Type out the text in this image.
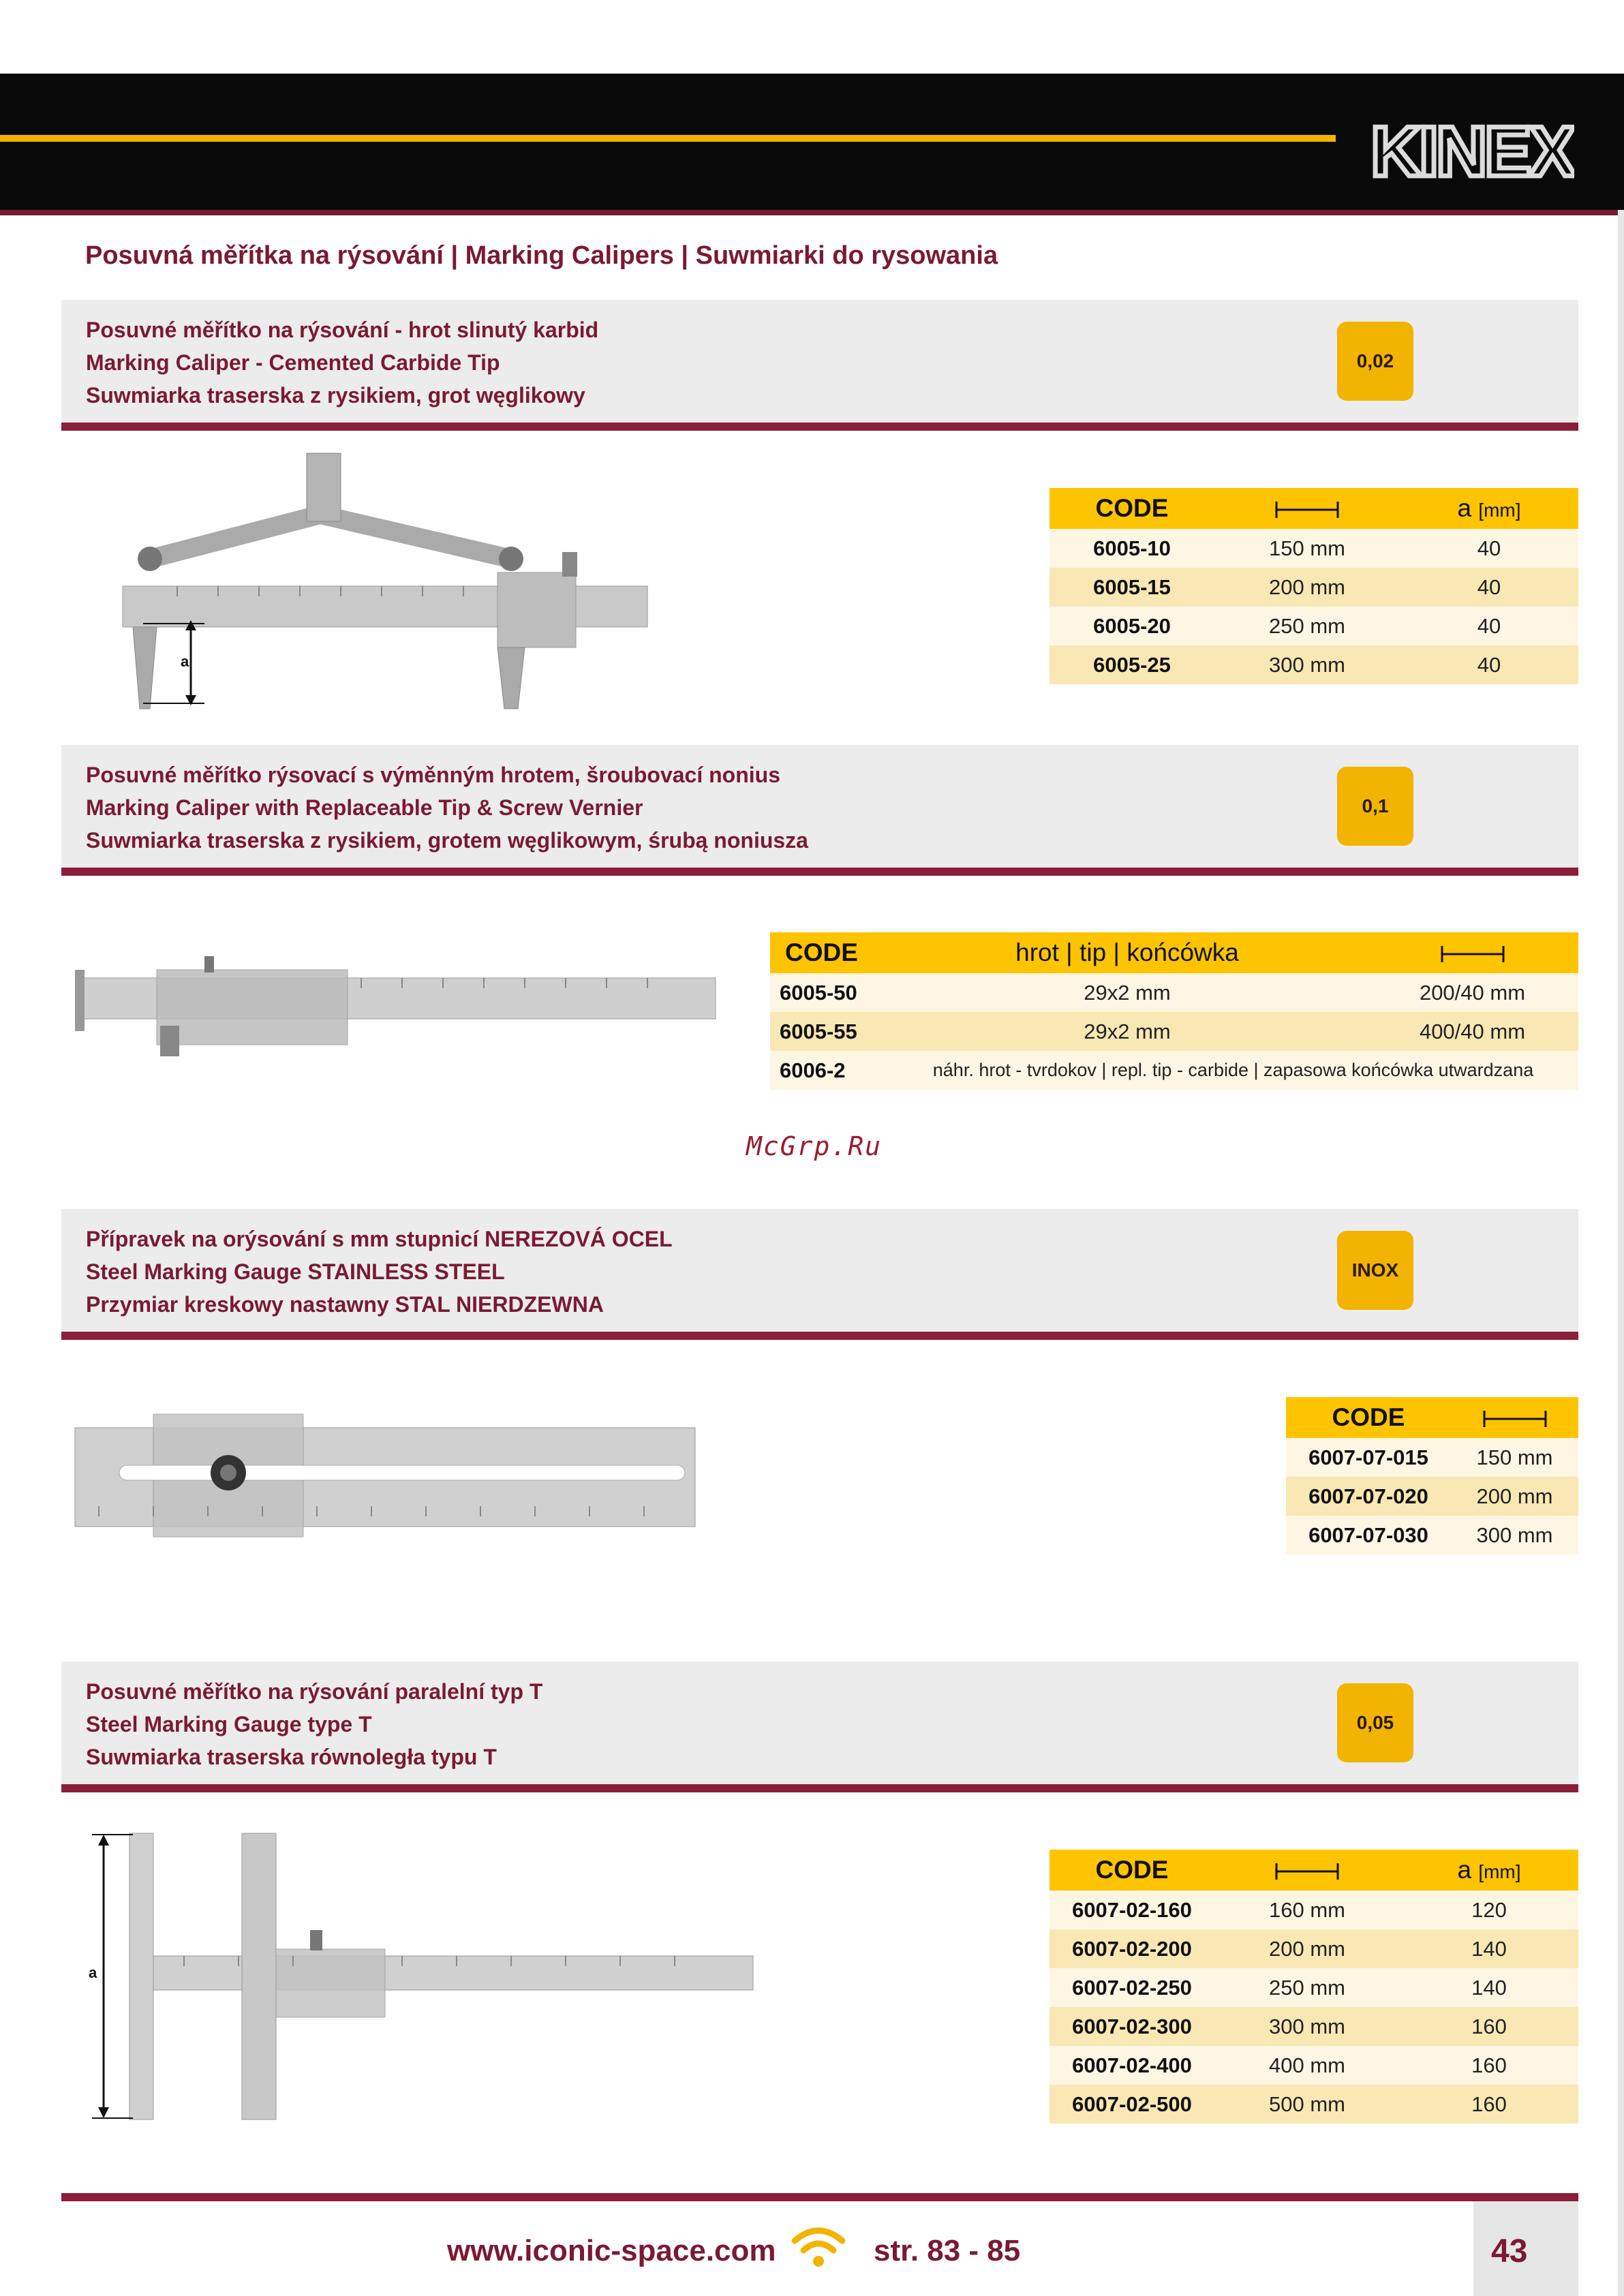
KINEX
Posuvná měřítka na rýsování | Marking Calipers | Suwmiarki do rysowania
Posuvné měřítko na rýsování - hrot slinutý karbid
Marking Caliper - Cemented Carbide Tip
Suwmiarka traserska z rysikiem, grot węglikowy
0,02
a
CODE		a [mm]
6005-10	150 mm	40
6005-15	200 mm	40
6005-20	250 mm	40
6005-25	300 mm	40
Posuvné měřítko rýsovací s výměnným hrotem, šroubovací nonius
Marking Caliper with Replaceable Tip & Screw Vernier
Suwmiarka traserska z rysikiem, grotem węglikowym, śrubą noniusza
0,1
CODE	hrot | tip | końcówka	
6005-50	29x2 mm	200/40 mm
6005-55	29x2 mm	400/40 mm
6006-2	náhr. hrot - tvrdokov | repl. tip - carbide | zapasowa końcówka utwardzana	
McGrp.Ru
Přípravek na orýsování s mm stupnicí NEREZOVÁ OCEL
Steel Marking Gauge STAINLESS STEEL
Przymiar kreskowy nastawny STAL NIERDZEWNA
INOX
CODE	
6007-07-015	150 mm
6007-07-020	200 mm
6007-07-030	300 mm
Posuvné měřítko na rýsování paralelní typ T
Steel Marking Gauge type T
Suwmiarka traserska równoległa typu T
0,05
a
CODE		a [mm]
6007-02-160	160 mm	120
6007-02-200	200 mm	140
6007-02-250	250 mm	140
6007-02-300	300 mm	160
6007-02-400	400 mm	160
6007-02-500	500 mm	160
www.iconic-space.com	str. 83 - 85	43
